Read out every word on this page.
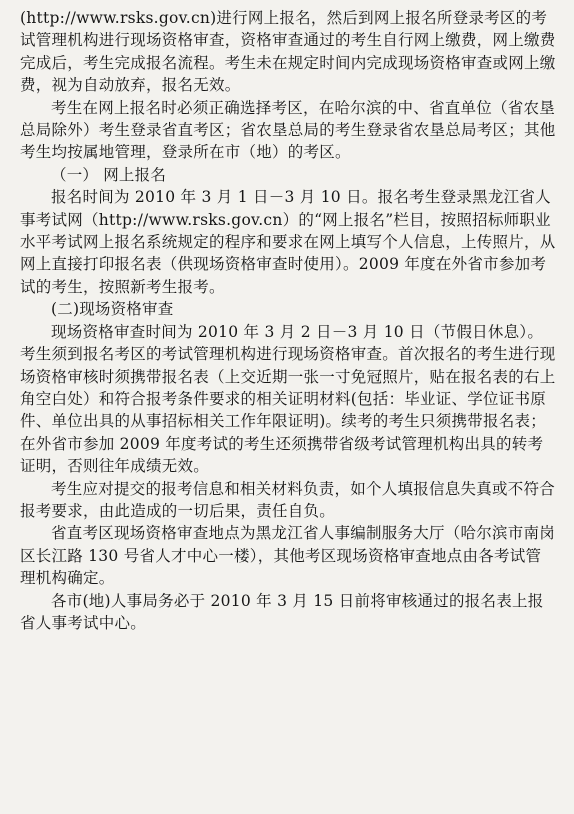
(http://www.rsks.gov.cn)进行网上报名，然后到网上报名所登录考区的考试管理机构进行现场资格审查，资格审查通过的考生自行网上缴费，网上缴费完成后，考生完成报名流程。考生未在规定时间内完成现场资格审查或网上缴费，视为自动放弃，报名无效。

考生在网上报名时必须正确选择考区，在哈尔滨的中、省直单位（省农垦总局除外）考生登录省直考区；省农垦总局的考生登录省农垦总局考区；其他考生均按属地管理，登录所在市（地）的考区。

（一） 网上报名

报名时间为 2010 年 3 月 1 日－3 月 10 日。报名考生登录黑龙江省人事考试网（http://www.rsks.gov.cn）的“网上报名”栏目，按照招标师职业水平考试网上报名系统规定的程序和要求在网上填写个人信息，上传照片，从网上直接打印报名表（供现场资格审查时使用）。2009 年度在外省市参加考试的考生，按照新考生报考。

(二)现场资格审查

现场资格审查时间为 2010 年 3 月 2 日－3 月 10 日（节假日休息）。考生须到报名考区的考试管理机构进行现场资格审查。首次报名的考生进行现场资格审核时须携带报名表（上交近期一张一寸免冠照片，贴在报名表的右上角空白处）和符合报考条件要求的相关证明材料(包括：毕业证、学位证书原件、单位出具的从事招标相关工作年限证明)。续考的考生只须携带报名表；在外省市参加 2009 年度考试的考生还须携带省级考试管理机构出具的转考证明，否则往年成绩无效。

考生应对提交的报考信息和相关材料负责，如个人填报信息失真或不符合报考要求，由此造成的一切后果，责任自负。

省直考区现场资格审查地点为黑龙江省人事编制服务大厅（哈尔滨市南岗区长江路 130 号省人才中心一楼），其他考区现场资格审查地点由各考试管理机构确定。

各市(地)人事局务必于 2010 年 3 月 15 日前将审核通过的报名表上报省人事考试中心。
